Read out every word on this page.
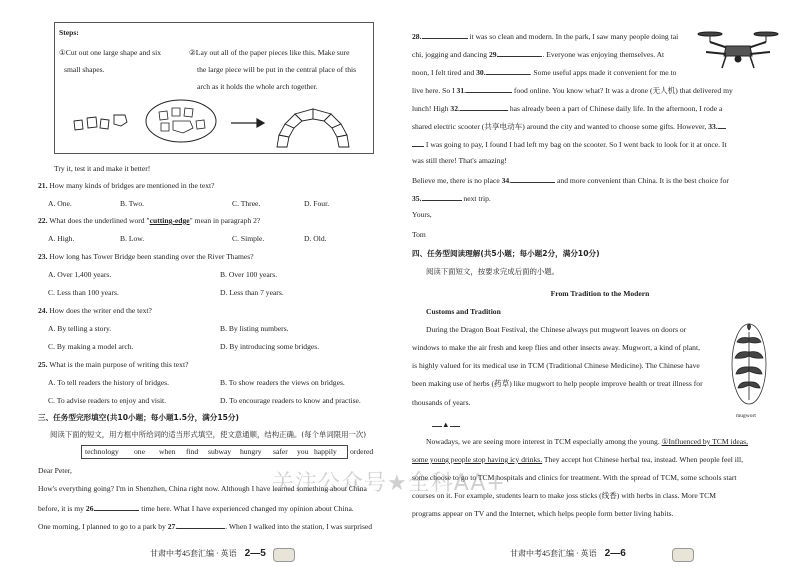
Steps:
①Cut out one large shape and six
small shapes.
②Lay out all of the paper pieces like this. Make sure
the large piece will be put in the central place of this
arch as it holds the whole arch together.
Try it, test it and make it better!
21. How many kinds of bridges are mentioned in the text?
A. One.	B. Two.	C. Three.	D. Four.
22. What does the underlined word "cutting-edge" mean in paragraph 2?
A. High.	B. Low.	C. Simple.	D. Old.
23. How long has Tower Bridge been standing over the River Thames?
A. Over 1,400 years.	B. Over 100 years.
C. Less than 100 years.	D. Less than 7 years.
24. How does the writer end the text?
A. By telling a story.	B. By listing numbers.
C. By making a model arch.	D. By introducing some bridges.
25. What is the main purpose of writing this text?
A. To tell readers the history of bridges.	B. To show readers the views on bridges.
C. To advise readers to enjoy and visit.	D. To encourage readers to know and practise.
三、任务型完形填空(共10小题；每小题1.5分，满分15分)
阅读下面的短文，用方框中所给词的适当形式填空，使文意通顺，结构正确。(每个单词限用一次)
technology one when find subway hungry safer you happily ordered
Dear Peter,
How's everything going? I'm in Shenzhen, China right now. Although I have learned something about China
before, it is my 26.	time here. What I have experienced changed my opinion about China.
One morning, I planned to go to a park by 27.	. When I walked into the station, I was surprised
甘肃中考45套汇编 · 英语 2—5
28.	it was so clean and modern. In the park, I saw many people doing tai
chi, jogging and dancing 29.	. Everyone was enjoying themselves. At
noon, I felt tired and 30.	. Some useful apps made it convenient for me to
live here. So I 31.	food online. You know what? It was a drone (无人机) that delivered my
lunch! High 32.	has already been a part of Chinese daily life. In the afternoon, I rode a
shared electric scooter (共享电动车) around the city and wanted to choose some gifts. However, 33.
I was going to pay, I found I had left my bag on the scooter. So I went back to look for it at once. It
was still there! That's amazing!
Believe me, there is no place 34.	and more convenient than China. It is the best choice for
35.	next trip.
Yours,
Tom
四、任务型阅读理解(共5小题；每小题2分，满分10分)
阅读下面短文，按要求完成后面的小题。
From Tradition to the Modern
Customs and Tradition
During the Dragon Boat Festival, the Chinese always put mugwort leaves on doors or
windows to make the air fresh and keep flies and other insects away. Mugwort, a kind of plant,
is highly valued for its medical use in TCM (Traditional Chinese Medicine). The Chinese have
been making use of herbs (药草) like mugwort to help people improve health or treat illness for
thousands of years.
mugwort
▲
Nowadays, we are seeing more interest in TCM especially among the young. ①Influenced by TCM ideas,
some young people stop having icy drinks. They accept hot Chinese herbal tea, instead. When people feel ill,
some choose to go to TCM hospitals and clinics for treatment. With the spread of TCM, some schools start
courses on it. For example, students learn to make joss sticks (线香) with herbs in class. More TCM
programs appear on TV and the Internet, which helps people form better living habits.
甘肃中考45套汇编 · 英语 2—6
关注公众号★全科AA+
